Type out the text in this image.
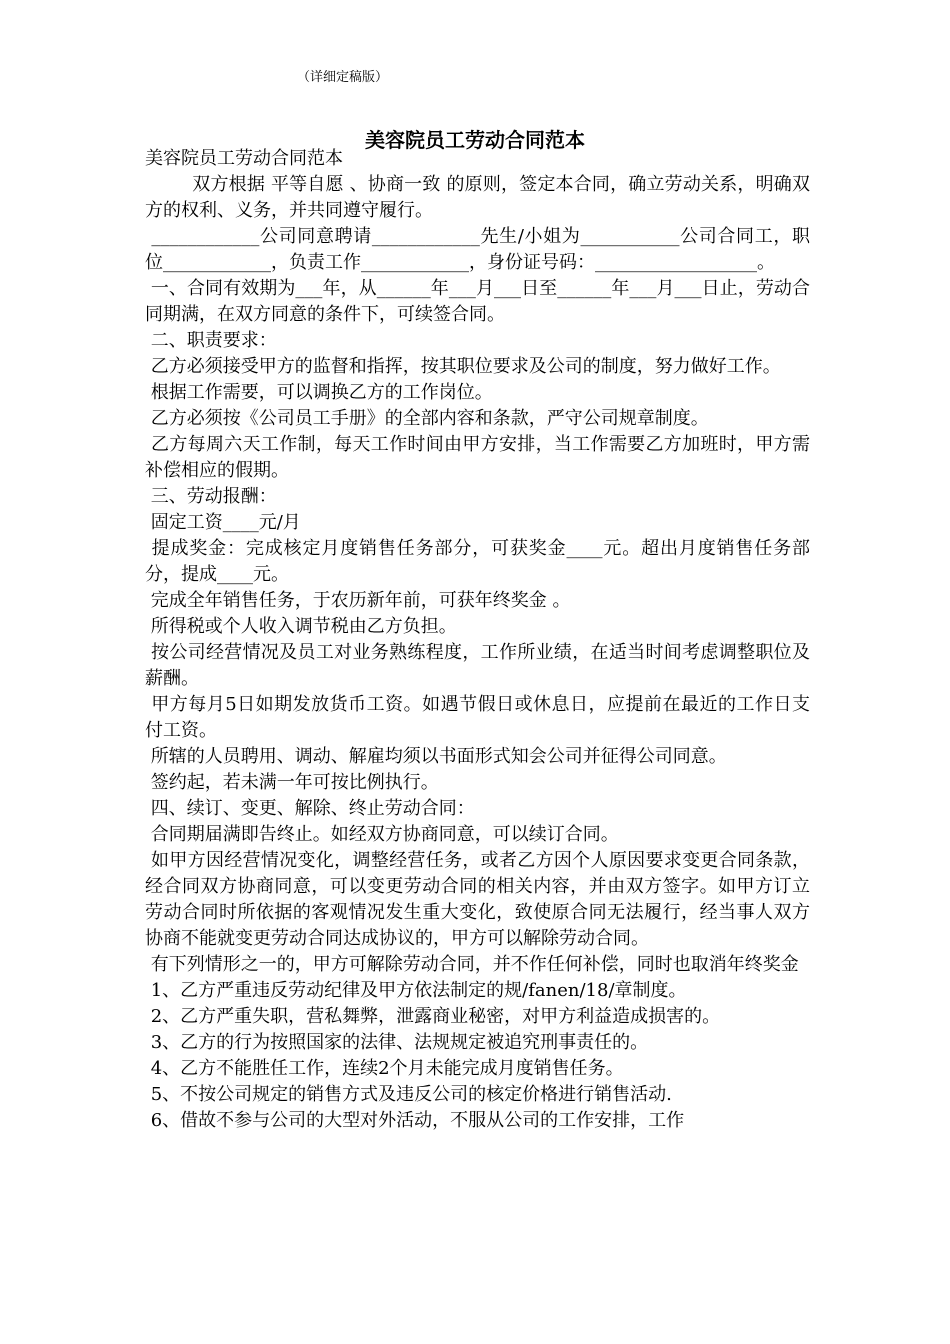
（详细定稿版）
美容院员工劳动合同范本

美容院员工劳动合同范本

双方根据 平等自愿 、协商一致 的原则，签定本合同，确立劳动关系，明确双方的权利、义务，并共同遵守履行。

____________公司同意聘请____________先生/小姐为___________公司合同工，职位____________，负责工作____________，身份证号码：__________________。

一、合同有效期为___年，从______年___月___日至______年___月___日止，劳动合同期满，在双方同意的条件下，可续签合同。

二、职责要求：

乙方必须接受甲方的监督和指挥，按其职位要求及公司的制度，努力做好工作。

根据工作需要，可以调换乙方的工作岗位。

乙方必须按《公司员工手册》的全部内容和条款，严守公司规章制度。

乙方每周六天工作制，每天工作时间由甲方安排，当工作需要乙方加班时，甲方需补偿相应的假期。

三、劳动报酬：

固定工资____元/月

提成奖金：完成核定月度销售任务部分，可获奖金____元。超出月度销售任务部分，提成____元。

完成全年销售任务，于农历新年前，可获年终奖金 。

所得税或个人收入调节税由乙方负担。

按公司经营情况及员工对业务熟练程度，工作所业绩，在适当时间考虑调整职位及薪酬。

甲方每月5日如期发放货币工资。如遇节假日或休息日，应提前在最近的工作日支付工资。

所辖的人员聘用、调动、解雇均须以书面形式知会公司并征得公司同意。

签约起，若未满一年可按比例执行。

四、续订、变更、解除、终止劳动合同：

合同期届满即告终止。如经双方协商同意，可以续订合同。

如甲方因经营情况变化，调整经营任务，或者乙方因个人原因要求变更合同条款，经合同双方协商同意，可以变更劳动合同的相关内容，并由双方签字。如甲方订立劳动合同时所依据的客观情况发生重大变化，致使原合同无法履行，经当事人双方协商不能就变更劳动合同达成协议的，甲方可以解除劳动合同。

有下列情形之一的，甲方可解除劳动合同，并不作任何补偿，同时也取消年终奖金

1、乙方严重违反劳动纪律及甲方依法制定的规/fanen/18/章制度。

2、乙方严重失职，营私舞弊，泄露商业秘密，对甲方利益造成损害的。

3、乙方的行为按照国家的法律、法规规定被追究刑事责任的。

4、乙方不能胜任工作，连续2个月未能完成月度销售任务。

5、不按公司规定的销售方式及违反公司的核定价格进行销售活动.

6、借故不参与公司的大型对外活动，不服从公司的工作安排，工作
